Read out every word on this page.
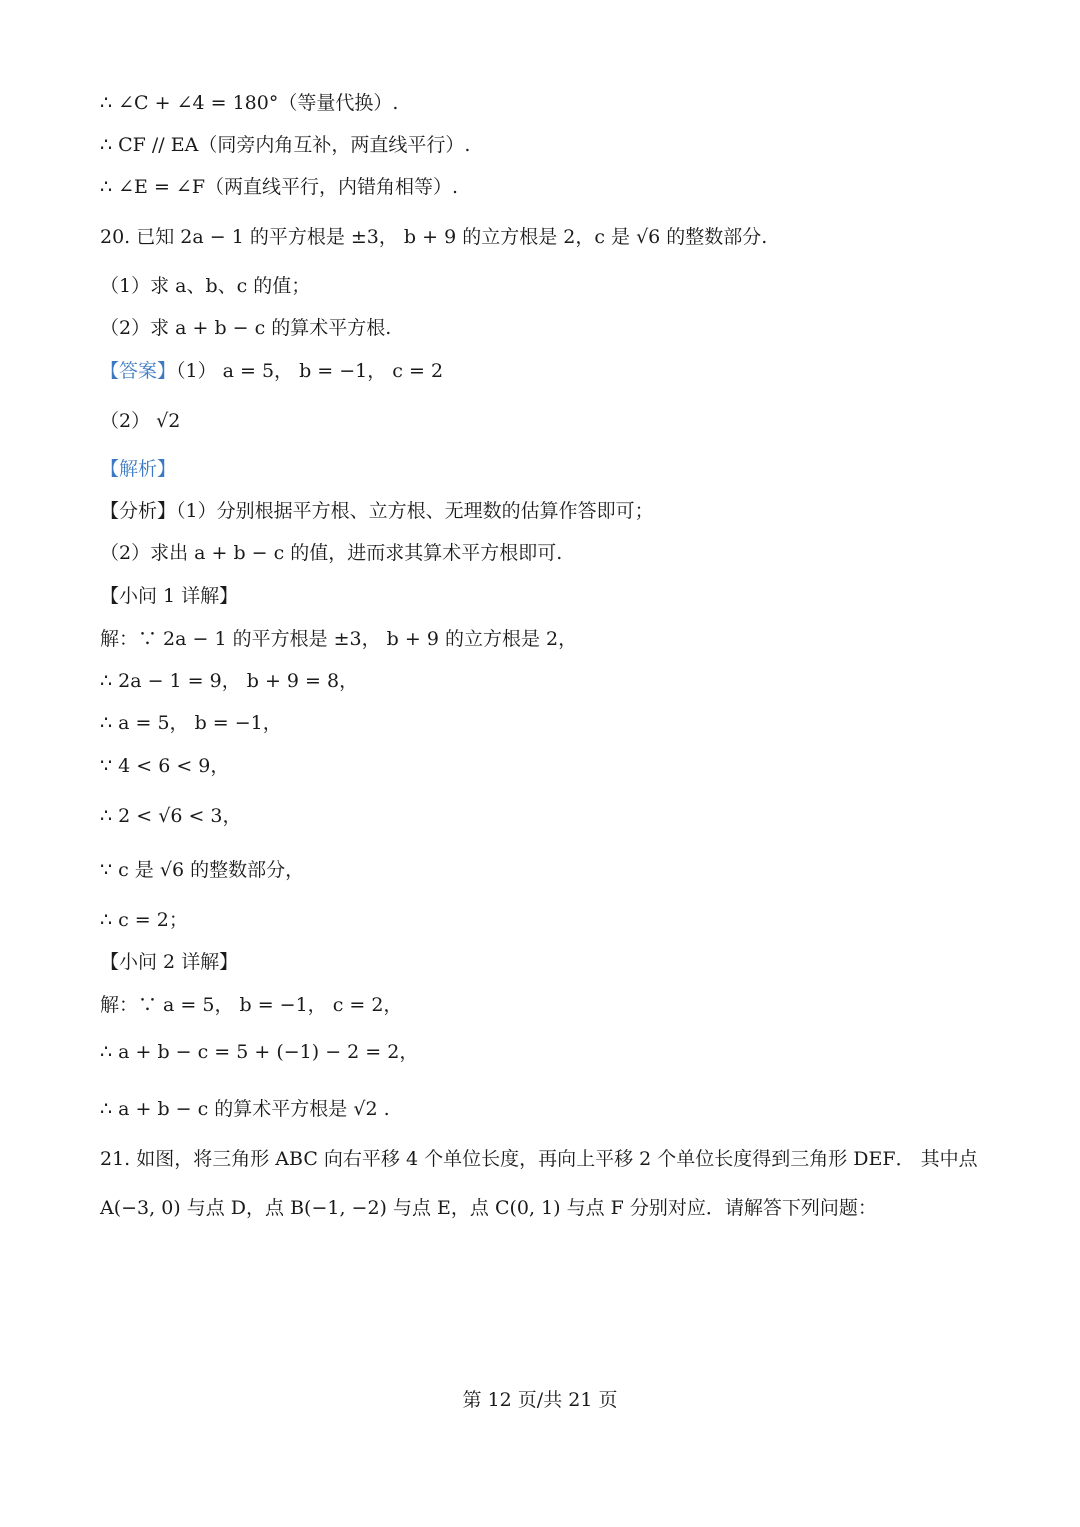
∴ ∠C + ∠4 = 180°（等量代换）.
∴ CF // EA（同旁内角互补，两直线平行）.
∴ ∠E = ∠F（两直线平行，内错角相等）.
20. 已知 2a − 1 的平方根是 ±3， b + 9 的立方根是 2，c 是 √6 的整数部分.
（1）求 a、b、c 的值；
（2）求 a + b − c 的算术平方根.
【答案】（1） a = 5， b = −1， c = 2
（2） √2
【解析】
【分析】（1）分别根据平方根、立方根、无理数的估算作答即可；
（2）求出 a + b − c 的值，进而求其算术平方根即可.
【小问 1 详解】
解：∵ 2a − 1 的平方根是 ±3， b + 9 的立方根是 2，
∴ 2a − 1 = 9， b + 9 = 8，
∴ a = 5， b = −1，
∵ 4 < 6 < 9，
∴ 2 < √6 < 3，
∵ c 是 √6 的整数部分，
∴ c = 2；
【小问 2 详解】
解：∵ a = 5， b = −1， c = 2，
∴ a + b − c = 5 + (−1) − 2 = 2，
∴ a + b − c 的算术平方根是 √2 .
21. 如图，将三角形 ABC 向右平移 4 个单位长度，再向上平移 2 个单位长度得到三角形 DEF． 其中点
A(−3, 0) 与点 D，点 B(−1, −2) 与点 E，点 C(0, 1) 与点 F 分别对应．请解答下列问题：
第 12 页/共 21 页
